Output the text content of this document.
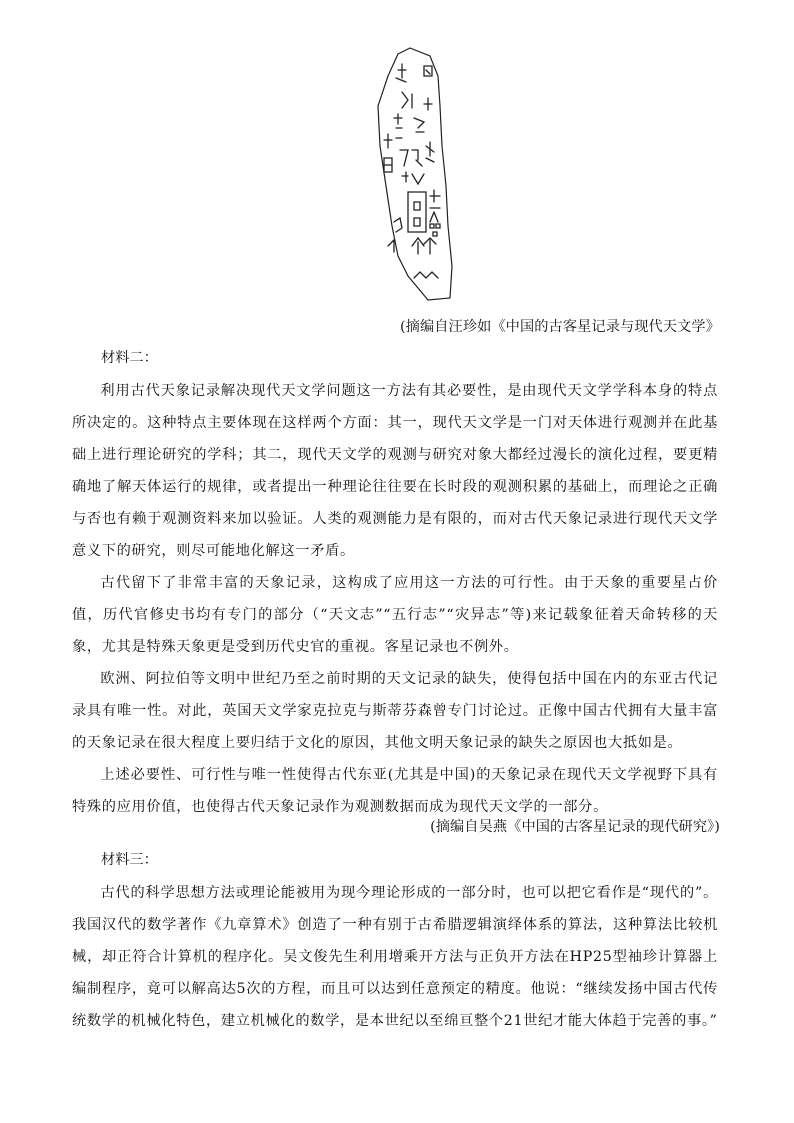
(摘编自汪珍如《中国的古客星记录与现代天文学》
材料二：

利用古代天象记录解决现代天文学问题这一方法有其必要性，是由现代天文学学科本身的特点所决定的。这种特点主要体现在这样两个方面：其一，现代天文学是一门对天体进行观测并在此基础上进行理论研究的学科；其二，现代天文学的观测与研究对象大都经过漫长的演化过程，要更精确地了解天体运行的规律，或者提出一种理论往往要在长时段的观测积累的基础上，而理论之正确与否也有赖于观测资料来加以验证。人类的观测能力是有限的，而对古代天象记录进行现代天文学意义下的研究，则尽可能地化解这一矛盾。

古代留下了非常丰富的天象记录，这构成了应用这一方法的可行性。由于天象的重要星占价值，历代官修史书均有专门的部分（“天文志”“五行志”“灾异志”等)来记载象征着天命转移的天象，尤其是特殊天象更是受到历代史官的重视。客星记录也不例外。

欧洲、阿拉伯等文明中世纪乃至之前时期的天文记录的缺失，使得包括中国在内的东亚古代记录具有唯一性。对此，英国天文学家克拉克与斯蒂芬森曾专门讨论过。正像中国古代拥有大量丰富的天象记录在很大程度上要归结于文化的原因，其他文明天象记录的缺失之原因也大抵如是。

上述必要性、可行性与唯一性使得古代东亚(尤其是中国)的天象记录在现代天文学视野下具有特殊的应用价值，也使得古代天象记录作为观测数据而成为现代天文学的一部分。

(摘编自吴燕《中国的古客星记录的现代研究》)
材料三：

古代的科学思想方法或理论能被用为现今理论形成的一部分时，也可以把它看作是“现代的”。我国汉代的数学著作《九章算术》创造了一种有别于古希腊逻辑演绎体系的算法，这种算法比较机械，却正符合计算机的程序化。吴文俊先生利用增乘开方法与正负开方法在HP25型袖珍计算器上编制程序，竟可以解高达5次的方程，而且可以达到任意预定的精度。他说：“继续发扬中国古代传统数学的机械化特色，建立机械化的数学，是本世纪以至绵亘整个21世纪才能大体趋于完善的事。”
